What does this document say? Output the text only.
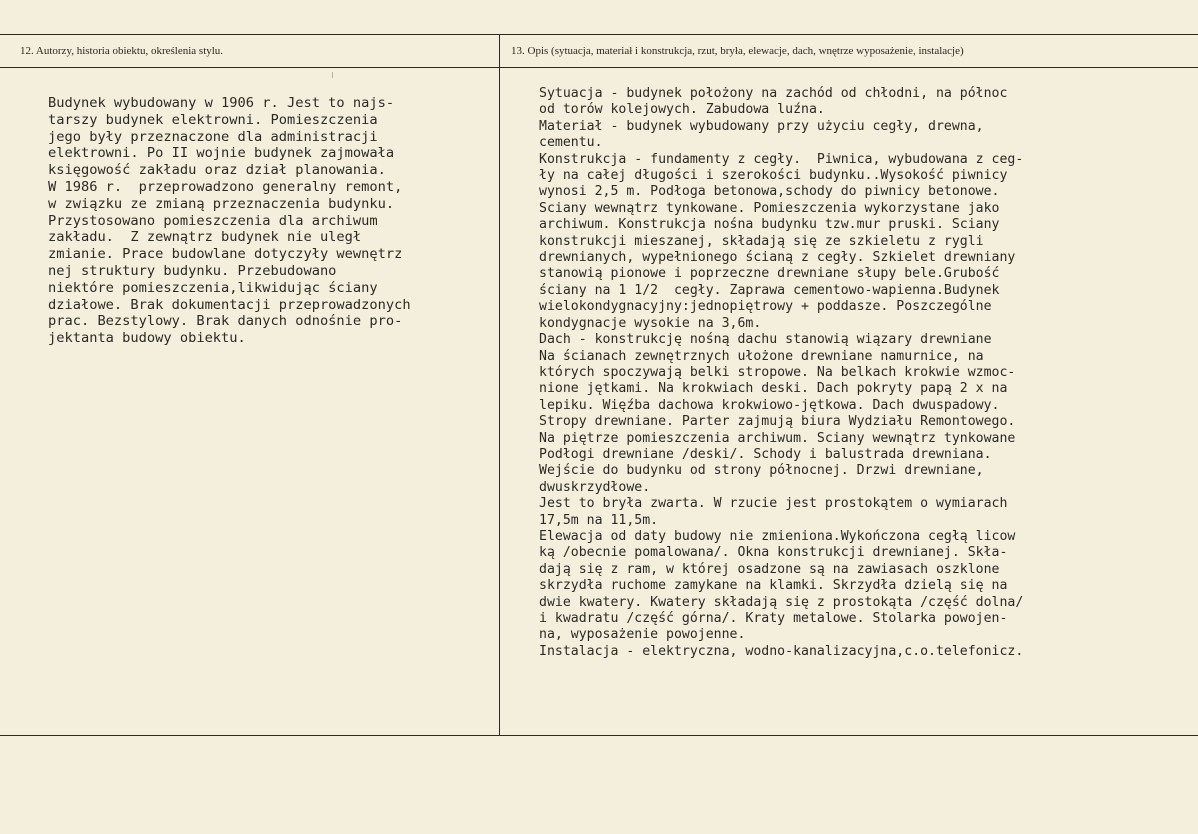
12. Autorzy, historia obiektu, określenia stylu.	13. Opis (sytuacja, materiał i konstrukcja, rzut, bryła, elewacje, dach, wnętrze wyposażenie, instalacje)
Budynek wybudowany w 1906 r. Jest to najs-
tarszy budynek elektrowni. Pomieszczenia
jego były przeznaczone dla administracji
elektrowni. Po II wojnie budynek zajmowała
księgowość zakładu oraz dział planowania.
W 1986 r.  przeprowadzono generalny remont,
w związku ze zmianą przeznaczenia budynku.
Przystosowano pomieszczenia dla archiwum
zakładu.  Z zewnątrz budynek nie uległ
zmianie. Prace budowlane dotyczyły wewnętrz
nej struktury budynku. Przebudowano
niektóre pomieszczenia,likwidując ściany
działowe. Brak dokumentacji przeprowadzonych
prac. Bezstylowy. Brak danych odnośnie pro-
jektanta budowy obiektu.
Sytuacja - budynek położony na zachód od chłodni, na północ
od torów kolejowych. Zabudowa luźna.
Materiał - budynek wybudowany przy użyciu cegły, drewna,
cementu.
Konstrukcja - fundamenty z cegły.  Piwnica, wybudowana z ceg-
ły na całej długości i szerokości budynku..Wysokość piwnicy
wynosi 2,5 m. Podłoga betonowa,schody do piwnicy betonowe.
Sciany wewnątrz tynkowane. Pomieszczenia wykorzystane jako
archiwum. Konstrukcja nośna budynku tzw.mur pruski. Sciany
konstrukcji mieszanej, składają się ze szkieletu z rygli
drewnianych, wypełnionego ścianą z cegły. Szkielet drewniany
stanowią pionowe i poprzeczne drewniane słupy bele.Grubość
ściany na 1 1/2  cegły. Zaprawa cementowo-wapienna.Budynek
wielokondygnacyjny:jednopiętrowy + poddasze. Poszczególne
kondygnacje wysokie na 3,6m.
Dach - konstrukcję nośną dachu stanowią wiązary drewniane
Na ścianach zewnętrznych ułożone drewniane namurnice, na
których spoczywają belki stropowe. Na belkach krokwie wzmoc-
nione jętkami. Na krokwiach deski. Dach pokryty papą 2 x na
lepiku. Więźba dachowa krokwiowo-jętkowa. Dach dwuspadowy.
Stropy drewniane. Parter zajmują biura Wydziału Remontowego.
Na piętrze pomieszczenia archiwum. Sciany wewnątrz tynkowane
Podłogi drewniane /deski/. Schody i balustrada drewniana.
Wejście do budynku od strony północnej. Drzwi drewniane,
dwuskrzydłowe.
Jest to bryła zwarta. W rzucie jest prostokątem o wymiarach
17,5m na 11,5m.
Elewacja od daty budowy nie zmieniona.Wykończona cegłą licow
ką /obecnie pomalowana/. Okna konstrukcji drewnianej. Skła-
dają się z ram, w której osadzone są na zawiasach oszklone
skrzydła ruchome zamykane na klamki. Skrzydła dzielą się na
dwie kwatery. Kwatery składają się z prostokąta /część dolna/
i kwadratu /część górna/. Kraty metalowe. Stolarka powojen-
na, wyposażenie powojenne.
Instalacja - elektryczna, wodno-kanalizacyjna,c.o.telefonicz.
